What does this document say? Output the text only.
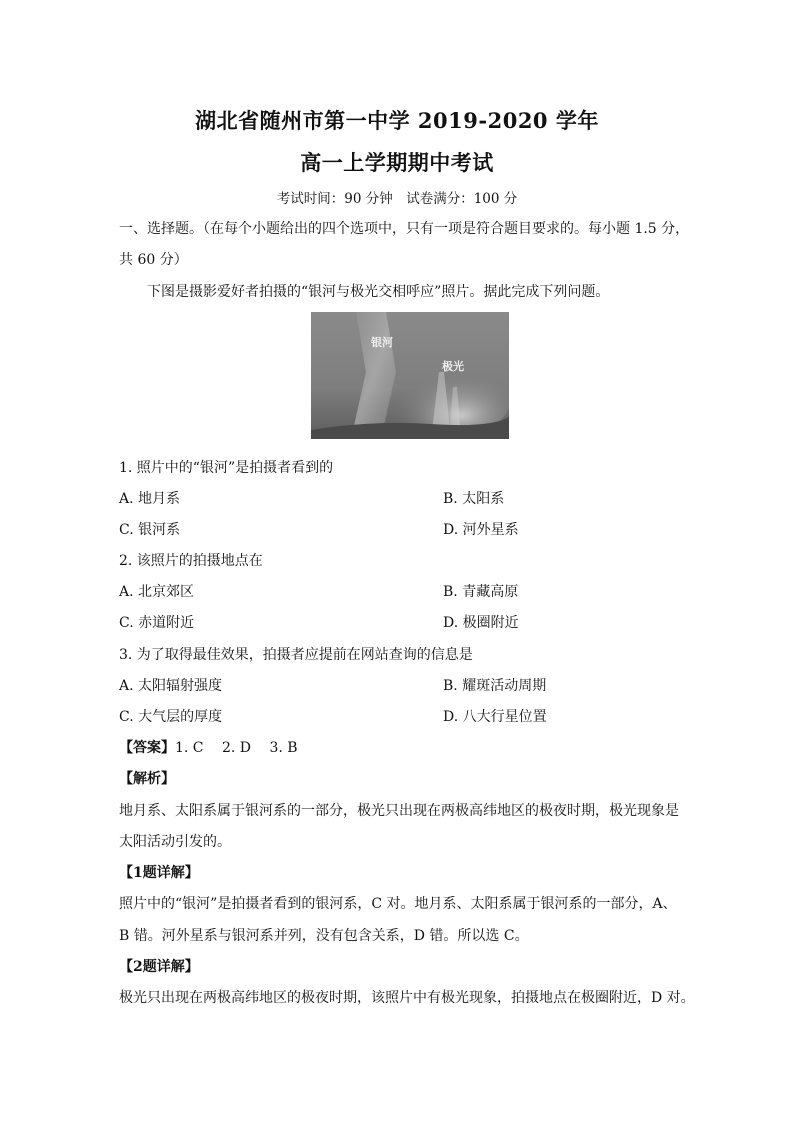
湖北省随州市第一中学 2019-2020 学年
高一上学期期中考试
考试时间：90 分钟　试卷满分：100 分
一、选择题。（在每个小题给出的四个选项中，只有一项是符合题目要求的。每小题 1.5 分，
共 60 分）
下图是摄影爱好者拍摄的“银河与极光交相呼应”照片。据此完成下列问题。
银河
极光
1. 照片中的“银河”是拍摄者看到的
A. 地月系	B. 太阳系
C. 银河系	D. 河外星系
2. 该照片的拍摄地点在
A. 北京郊区	B. 青藏高原
C. 赤道附近	D. 极圈附近
3. 为了取得最佳效果，拍摄者应提前在网站查询的信息是
A. 太阳辐射强度	B. 耀斑活动周期
C. 大气层的厚度	D. 八大行星位置
【答案】1. C　 2. D　 3. B
【解析】
地月系、太阳系属于银河系的一部分，极光只出现在两极高纬地区的极夜时期，极光现象是
太阳活动引发的。
【1题详解】
照片中的“银河”是拍摄者看到的银河系，C 对。地月系、太阳系属于银河系的一部分，A、
B 错。河外星系与银河系并列，没有包含关系，D 错。所以选 C。
【2题详解】
极光只出现在两极高纬地区的极夜时期，该照片中有极光现象，拍摄地点在极圈附近，D 对。
